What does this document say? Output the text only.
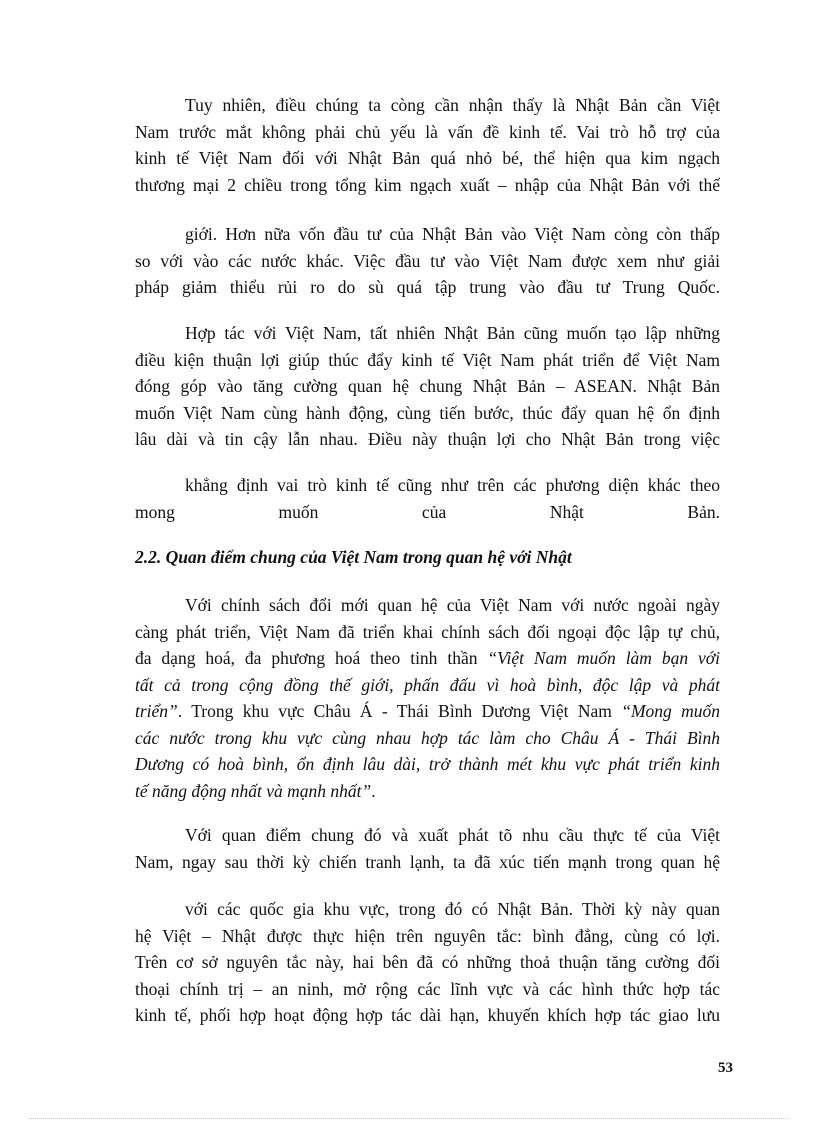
Tuy nhiên, điều chúng ta còng cần nhận thấy là Nhật Bản cần Việt
Nam trước mắt không phải chủ yếu là vấn đề kinh tế. Vai trò hỗ trợ của
kinh tế Việt Nam đối với Nhật Bản quá nhỏ bé, thể hiện qua kim ngạch
thương mại 2 chiều trong tổng kim ngạch xuất – nhập của Nhật Bản với thế
giới. Hơn nữa vốn đầu tư của Nhật Bản vào Việt Nam còng còn thấp
so với vào các nước khác. Việc đầu tư vào Việt Nam được xem như giải
pháp giảm thiểu rủi ro do sù quá tập trung vào đầu tư Trung Quốc.
Hợp tác với Việt Nam, tất nhiên Nhật Bản cũng muốn tạo lập những
điều kiện thuận lợi giúp thúc đẩy kinh tế Việt Nam phát triển để Việt Nam
đóng góp vào tăng cường quan hệ chung Nhật Bản – ASEAN. Nhật Bản
muốn Việt Nam cùng hành động, cùng tiến bước, thúc đẩy quan hệ ổn định
lâu dài và tin cậy lẫn nhau. Điều này thuận lợi cho Nhật Bản trong việc
khẳng định vai trò kinh tế cũng như trên các phương diện khác theo
mong muốn của Nhật Bản.
2.2. Quan điểm chung của Việt Nam trong quan hệ với Nhật
Với chính sách đổi mới quan hệ của Việt Nam với nước ngoài ngày
càng phát triển, Việt Nam đã triển khai chính sách đối ngoại độc lập tự chủ,
đa dạng hoá, đa phương hoá theo tinh thần “Việt Nam muốn làm bạn với
tất cả trong cộng đồng thế giới, phấn đấu vì hoà bình, độc lập và phát
triển”. Trong khu vực Châu Á - Thái Bình Dương Việt Nam “Mong muốn
các nước trong khu vực cùng nhau hợp tác làm cho Châu Á - Thái Bình
Dương có hoà bình, ổn định lâu dài, trở thành mét khu vực phát triển kinh
tế năng động nhất và mạnh nhất”.
Với quan điểm chung đó và xuất phát tõ nhu cầu thực tế của Việt
Nam, ngay sau thời kỳ chiến tranh lạnh, ta đã xúc tiến mạnh trong quan hệ
với các quốc gia khu vực, trong đó có Nhật Bản. Thời kỳ này quan
hệ Việt – Nhật được thực hiện trên nguyên tắc: bình đẳng, cùng có lợi.
Trên cơ sở nguyên tắc này, hai bên đã có những thoả thuận tăng cường đối
thoại chính trị – an ninh, mở rộng các lĩnh vực và các hình thức hợp tác
kinh tế, phối hợp hoạt động hợp tác dài hạn, khuyến khích hợp tác giao lưu
53
